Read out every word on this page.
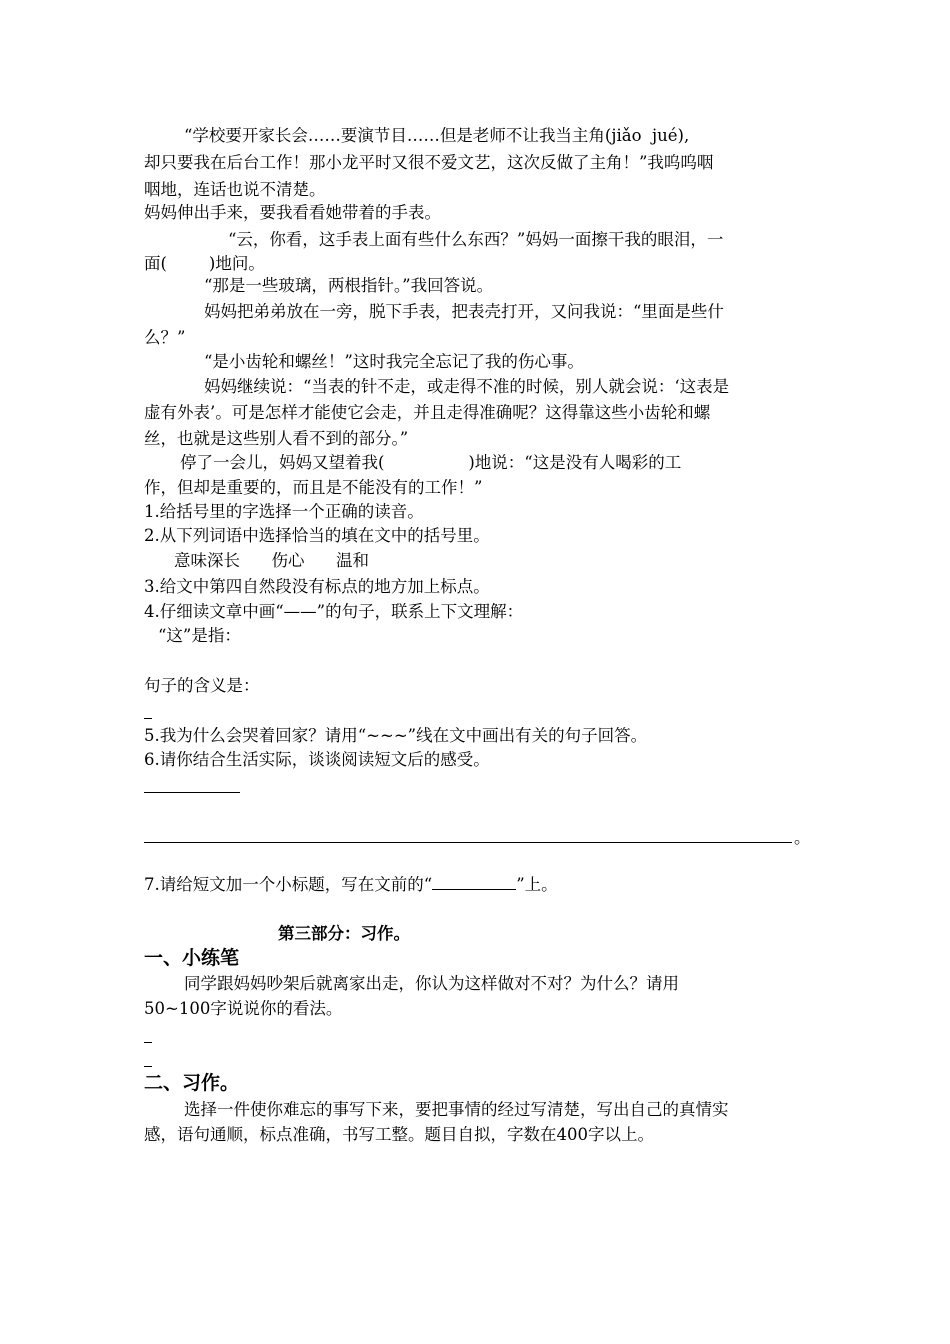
“学校要开家长会……要演节目……但是老师不让我当主角(jiǎo  jué),
却只要我在后台工作！那小龙平时又很不爱文艺，这次反做了主角！”我呜呜咽
咽地，连话也说不清楚。
妈妈伸出手来，要我看看她带着的手表。
“云，你看，这手表上面有些什么东西？”妈妈一面擦干我的眼泪，一
面(        )地问。
“那是一些玻璃，两根指针。”我回答说。
妈妈把弟弟放在一旁，脱下手表，把表壳打开，又问我说：“里面是些什
么？”
“是小齿轮和螺丝！”这时我完全忘记了我的伤心事。
妈妈继续说：“当表的针不走，或走得不准的时候，别人就会说：‘这表是
虚有外表’。可是怎样才能使它会走，并且走得准确呢？这得靠这些小齿轮和螺
丝，也就是这些别人看不到的部分。”
停了一会儿，妈妈又望着我(                )地说：“这是没有人喝彩的工
作，但却是重要的，而且是不能没有的工作！”
1.给括号里的字选择一个正确的读音。
2.从下列词语中选择恰当的填在文中的括号里。
意味深长      伤心      温和
3.给文中第四自然段没有标点的地方加上标点。
4.仔细读文章中画“——”的句子，联系上下文理解：
“这”是指：
句子的含义是：
5.我为什么会哭着回家？请用“~~~”线在文中画出有关的句子回答。
6.请你结合生活实际，谈谈阅读短文后的感受。
。
7.请给短文加一个小标题，写在文前的“	”上。
第三部分：习作。
一、小练笔
同学跟妈妈吵架后就离家出走，你认为这样做对不对？为什么？请用
50~100字说说你的看法。
二、习作。
选择一件使你难忘的事写下来，要把事情的经过写清楚，写出自己的真情实
感，语句通顺，标点准确，书写工整。题目自拟，字数在400字以上。
